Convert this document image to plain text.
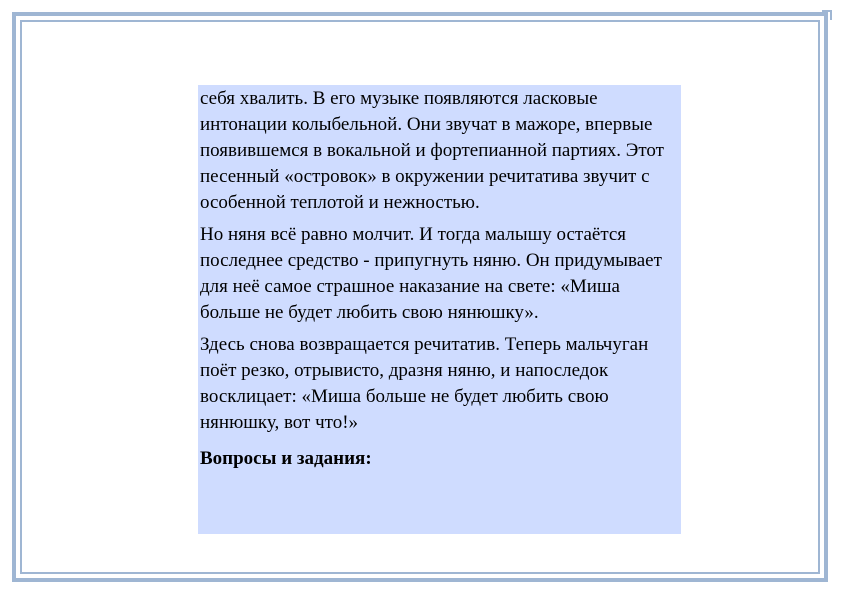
себя хвалить. В его музыке появляются ласковые интонации колыбельной. Они звучат в мажоре, впервые появившемся в вокальной и фортепианной партиях. Этот песенный «островок» в окружении речитатива звучит с особенной теплотой и нежностью.

Но няня всё равно молчит. И тогда малышу остаётся последнее средство - припугнуть няню. Он придумывает для неё самое страшное наказание на свете: «Миша больше не будет любить свою нянюшку».

Здесь снова возвращается речитатив. Теперь мальчуган поёт резко, отрывисто, дразня няню, и напоследок восклицает: «Миша больше не будет любить свою нянюшку, вот что!»

Вопросы и задания:
